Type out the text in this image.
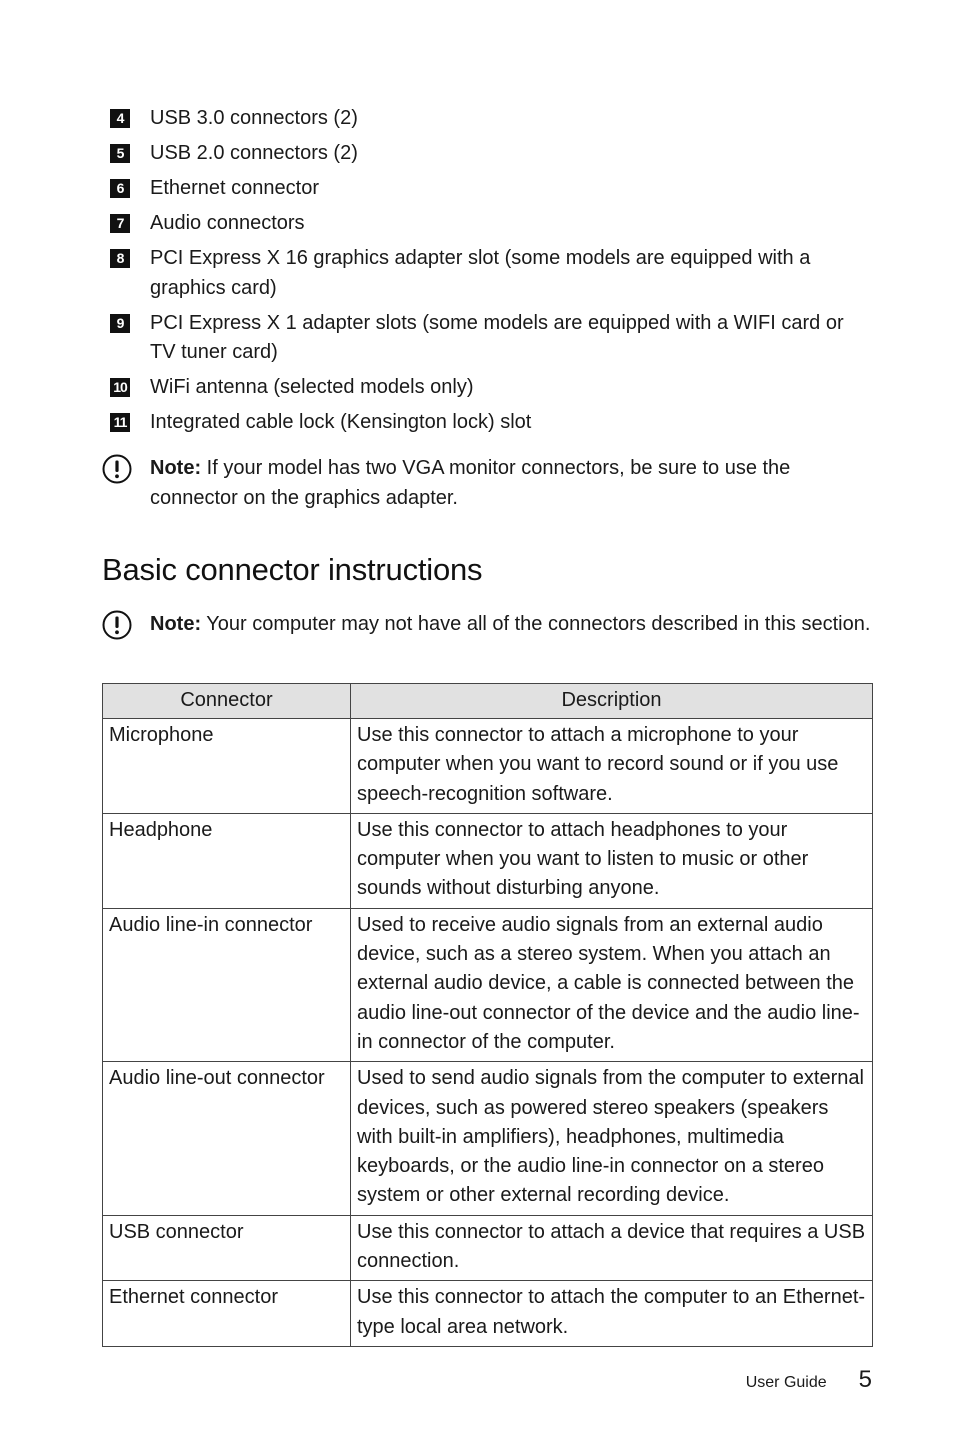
4	USB 3.0 connectors (2)
5	USB 2.0 connectors (2)
6	Ethernet connector
7	Audio connectors
8	PCI Express X 16 graphics adapter slot (some models are equipped with a graphics card)
9	PCI Express X 1 adapter slots (some models are equipped with a WIFI card or TV tuner card)
10 WiFi antenna (selected models only)
11 Integrated cable lock (Kensington lock) slot
Note: If your model has two VGA monitor connectors, be sure to use the connector on the graphics adapter.
Basic connector instructions
Note: Your computer may not have all of the connectors described in this section.
Connector	Description
Microphone	Use this connector to attach a microphone to your computer when you want to record sound or if you use speech-recognition software.
Headphone	Use this connector to attach headphones to your computer when you want to listen to music or other sounds without disturbing anyone.
Audio line-in connector	Used to receive audio signals from an external audio device, such as a stereo system. When you attach an external audio device, a cable is connected between the audio line-out connector of the device and the audio line-in connector of the computer.
Audio line-out connector	Used to send audio signals from the computer to external devices, such as powered stereo speakers (speakers with built-in amplifiers), headphones, multimedia keyboards, or the audio line-in connector on a stereo system or other external recording device.
USB connector	Use this connector to attach a device that requires a USB connection.
Ethernet connector	Use this connector to attach the computer to an Ethernet-type local area network.
User Guide 5
